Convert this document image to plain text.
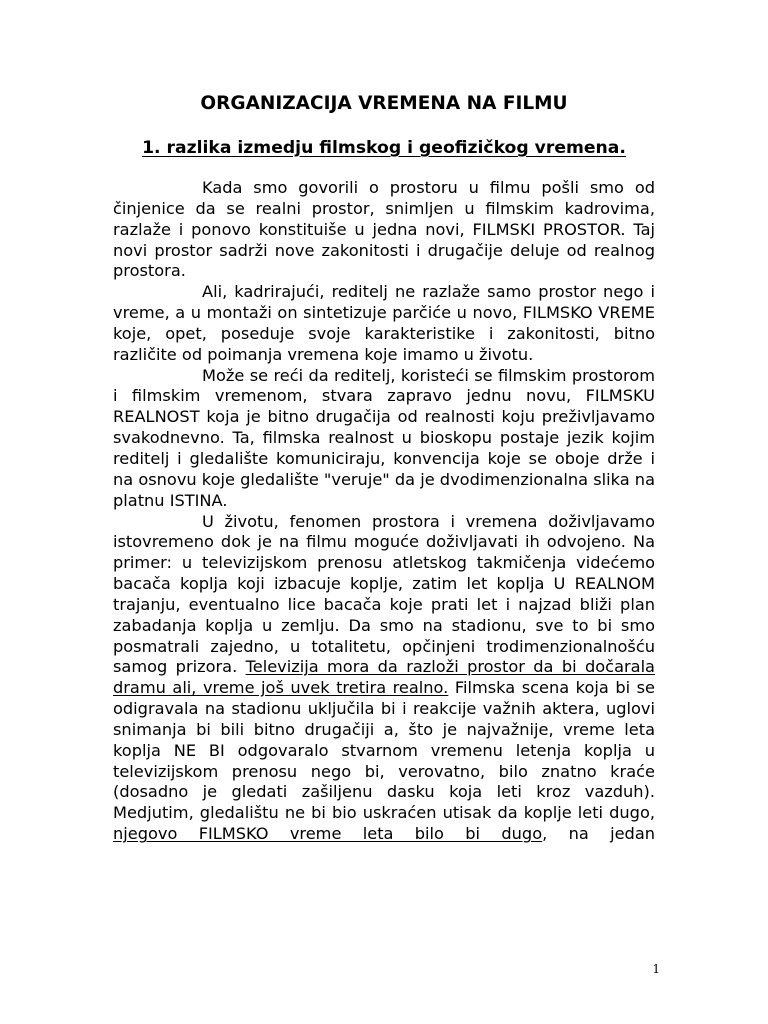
ORGANIZACIJA VREMENA NA FILMU
1. razlika izmedju filmskog i geofizičkog vremena.

Kada smo govorili o prostoru u filmu pošli smo od činjenice da se realni prostor, snimljen u filmskim kadrovima, razlaže i ponovo konstituiše u jedna novi, FILMSKI PROSTOR. Taj novi prostor sadrži nove zakonitosti i drugačije deluje od realnog prostora.

Ali, kadrirajući, reditelj ne razlaže samo prostor nego i vreme, a u montaži on sintetizuje parčiće u novo, FILMSKO VREME koje, opet, poseduje svoje karakteristike i zakonitosti, bitno različite od poimanja vremena koje imamo u životu.

Može se reći da reditelj, koristeći se filmskim prostorom i filmskim vremenom, stvara zapravo jednu novu, FILMSKU REALNOST koja je bitno drugačija od realnosti koju preživljavamo svakodnevno. Ta, filmska realnost u bioskopu postaje jezik kojim reditelj i gledalište komuniciraju, konvencija koje se oboje drže i na osnovu koje gledalište "veruje" da je dvodimenzionalna slika na platnu ISTINA.

U životu, fenomen prostora i vremena doživljavamo istovremeno dok je na filmu moguće doživljavati ih odvojeno. Na primer: u televizijskom prenosu atletskog takmičenja videćemo bacača koplja koji izbacuje koplje, zatim let koplja U REALNOM trajanju, eventualno lice bacača koje prati let i najzad bliži plan zabadanja koplja u zemlju. Da smo na stadionu, sve to bi smo posmatrali zajedno, u totalitetu, opčinjeni trodimenzionalnošću samog prizora. Televizija mora da razloži prostor da bi dočarala dramu ali, vreme još uvek tretira realno. Filmska scena koja bi se odigravala na stadionu uključila bi i reakcije važnih aktera, uglovi snimanja bi bili bitno drugačiji a, što je najvažnije, vreme leta koplja NE BI odgovaralo stvarnom vremenu letenja koplja u televizijskom prenosu nego bi, verovatno, bilo znatno kraće (dosadno je gledati zašiljenu dasku koja leti kroz vazduh). Medjutim, gledalištu ne bi bio uskraćen utisak da koplje leti dugo, njegovo FILMSKO vreme leta bilo bi dugo, na jedan

1
